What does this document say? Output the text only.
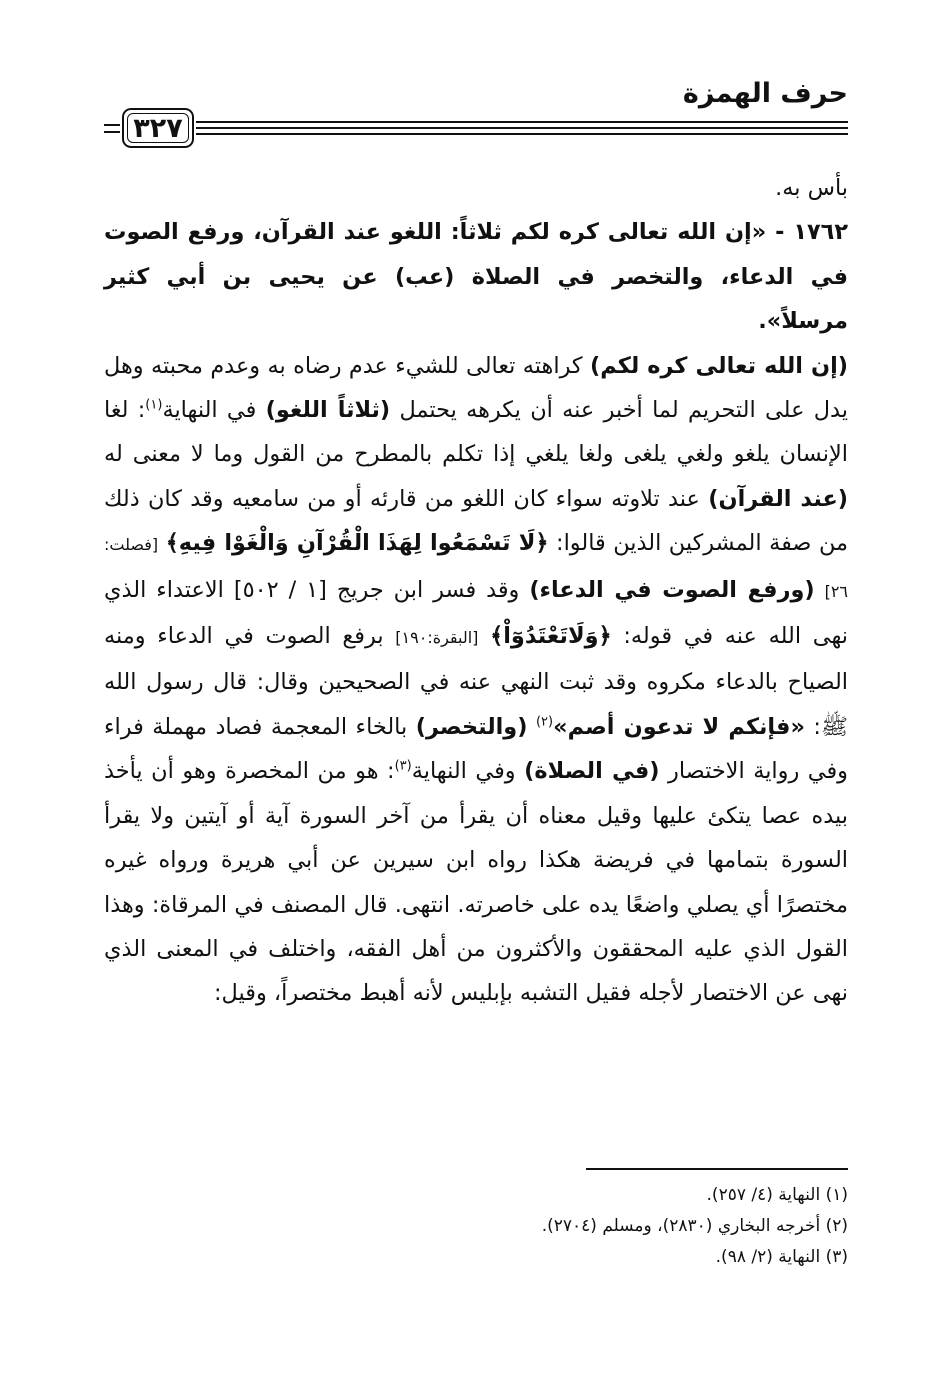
حرف الهمزة
٣٢٧

بأس به.

١٧٦٢ - «إن الله تعالى كره لكم ثلاثاً: اللغو عند القرآن، ورفع الصوت في الدعاء، والتخصر في الصلاة (عب) عن يحيى بن أبي كثير مرسلاً».

(إن الله تعالى كره لكم) كراهته تعالى للشيء عدم رضاه به وعدم محبته وهل يدل على التحريم لما أخبر عنه أن يكرهه يحتمل (ثلاثاً اللغو) في النهاية$^{(١)}$: لغا الإنسان يلغو ولغي يلغى ولغا يلغي إذا تكلم بالمطرح من القول وما لا معنى له (عند القرآن) عند تلاوته سواء كان اللغو من قارئه أو من سامعيه وقد كان ذلك من صفة المشركين الذين قالوا: ﴿لَا تَسْمَعُوا لِهَذَا الْقُرْآنِ وَالْغَوْا فِيهِ﴾ [فصلت: ٢٦] (ورفع الصوت في الدعاء) وقد فسر ابن جريج [١ / ٥٠٢] الاعتداء الذي نهى الله عنه في قوله: ﴿وَلَاتَعْتَدُوٓاْ﴾ [البقرة:١٩٠] برفع الصوت في الدعاء ومنه الصياح بالدعاء مكروه وقد ثبت النهي عنه في الصحيحين وقال: قال رسول الله ﷺ: «فإنكم لا تدعون أصم»$^{(٢)}$ (والتخصر) بالخاء المعجمة فصاد مهملة فراء وفي رواية الاختصار (في الصلاة) وفي النهاية$^{(٣)}$: هو من المخصرة وهو أن يأخذ بيده عصا يتكئ عليها وقيل معناه أن يقرأ من آخر السورة آية أو آيتين ولا يقرأ السورة بتمامها في فريضة هكذا رواه ابن سيرين عن أبي هريرة ورواه غيره مختصرًا أي يصلي واضعًا يده على خاصرته. انتهى. قال المصنف في المرقاة: وهذا القول الذي عليه المحققون والأكثرون من أهل الفقه، واختلف في المعنى الذي نهى عن الاختصار لأجله فقيل التشبه بإبليس لأنه أهبط مختصراً، وقيل:

(١) النهاية (٤/ ٢٥٧).
(٢) أخرجه البخاري (٢٨٣٠)، ومسلم (٢٧٠٤).
(٣) النهاية (٢/ ٩٨).
